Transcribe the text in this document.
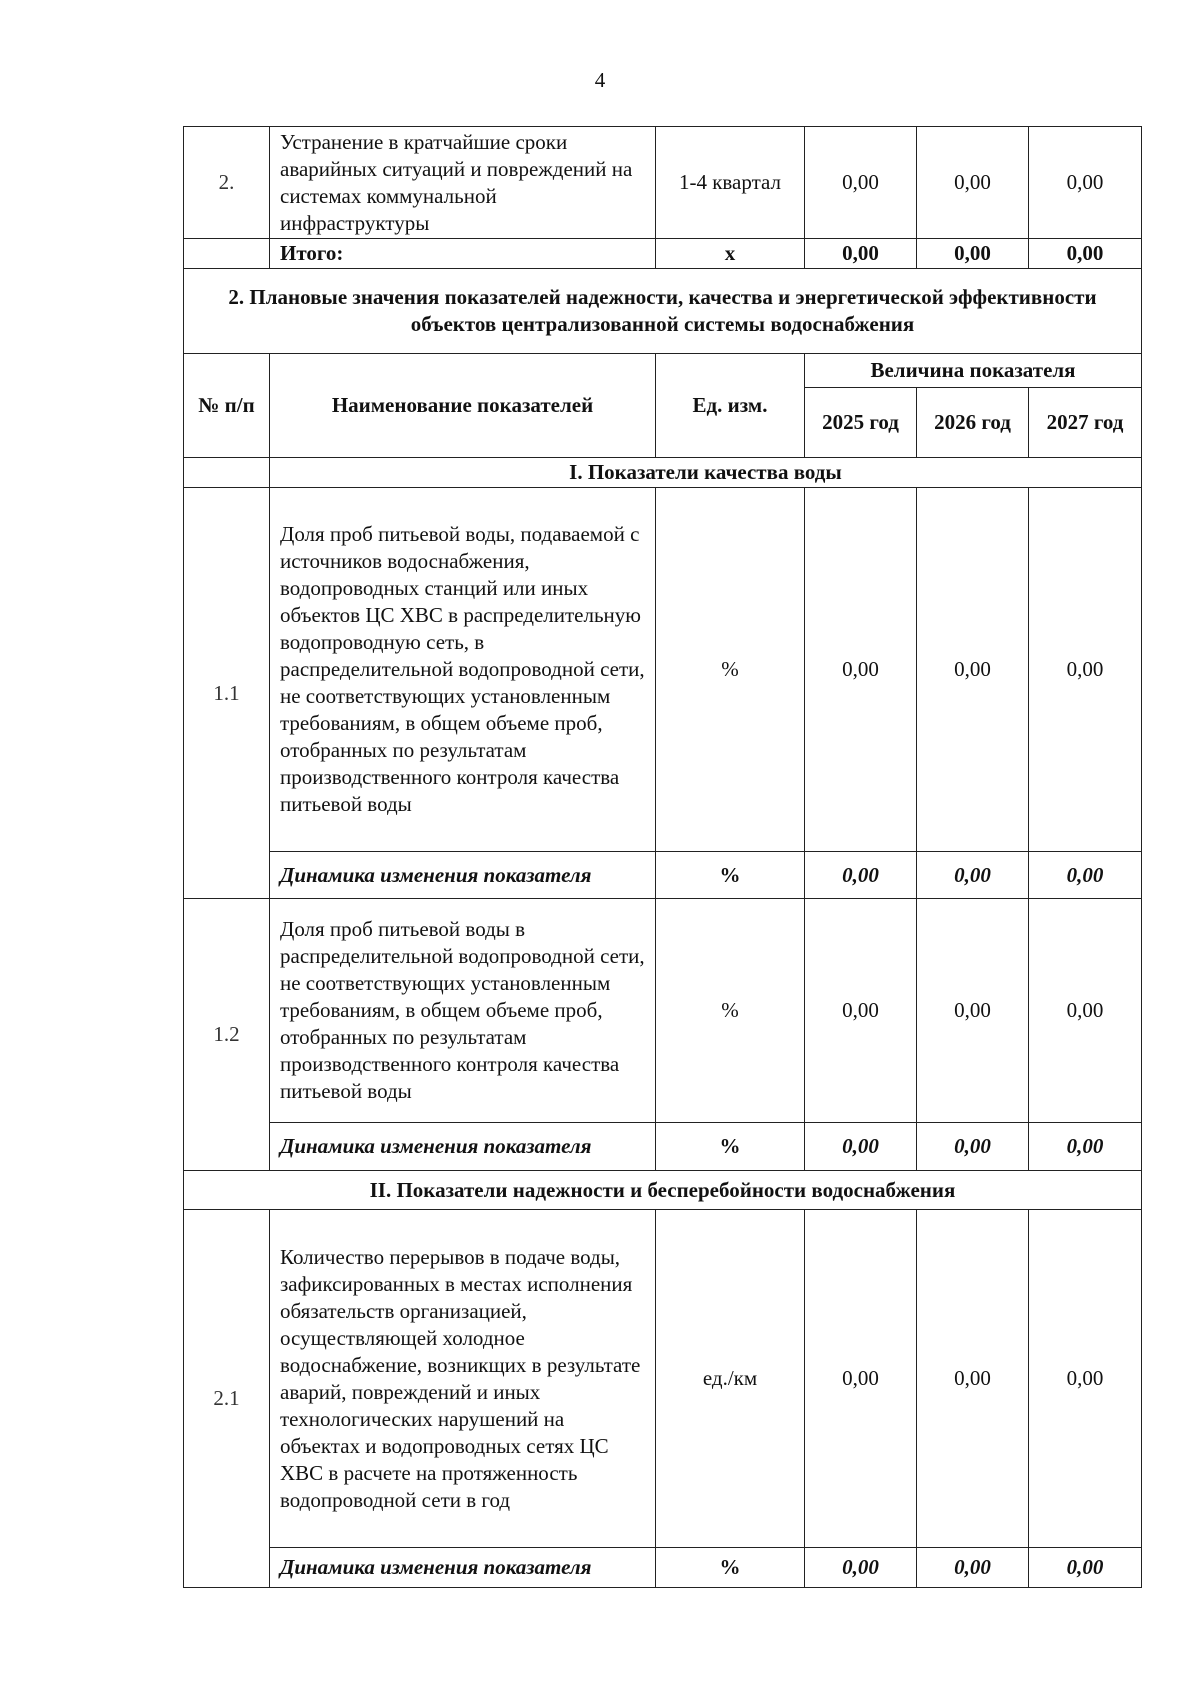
4
2.	Устранение в кратчайшие сроки аварийных ситуаций и повреждений на системах коммунальной инфраструктуры	1-4 квартал	0,00	0,00	0,00
	Итого:	х	0,00	0,00	0,00
2. Плановые значения показателей надежности, качества и энергетической эффективности объектов централизованной системы водоснабжения					
№ п/п	Наименование показателей	Ед. изм.	Величина показателя		
			2025 год	2026 год	2027 год
	I. Показатели качества воды				
1.1	Доля проб питьевой воды, подаваемой с источников водоснабжения, водопроводных станций или иных объектов ЦС ХВС в распределительную водопроводную сеть, в распределительной водопроводной сети, не соответствующих установленным требованиям, в общем объеме проб, отобранных по результатам производственного контроля качества питьевой воды	%	0,00	0,00	0,00
	Динамика изменения показателя	%	0,00	0,00	0,00
1.2	Доля проб питьевой воды в распределительной водопроводной сети, не соответствующих установленным требованиям, в общем объеме проб, отобранных по результатам производственного контроля качества питьевой воды	%	0,00	0,00	0,00
	Динамика изменения показателя	%	0,00	0,00	0,00
II. Показатели надежности и бесперебойности водоснабжения					
2.1	Количество перерывов в подаче воды, зафиксированных в местах исполнения обязательств организацией, осуществляющей холодное водоснабжение, возникщих в результате аварий, повреждений и иных технологических нарушений на объектах и водопроводных сетях ЦС ХВС в расчете на протяженность водопроводной сети в год	ед./км	0,00	0,00	0,00
	Динамика изменения показателя	%	0,00	0,00	0,00
